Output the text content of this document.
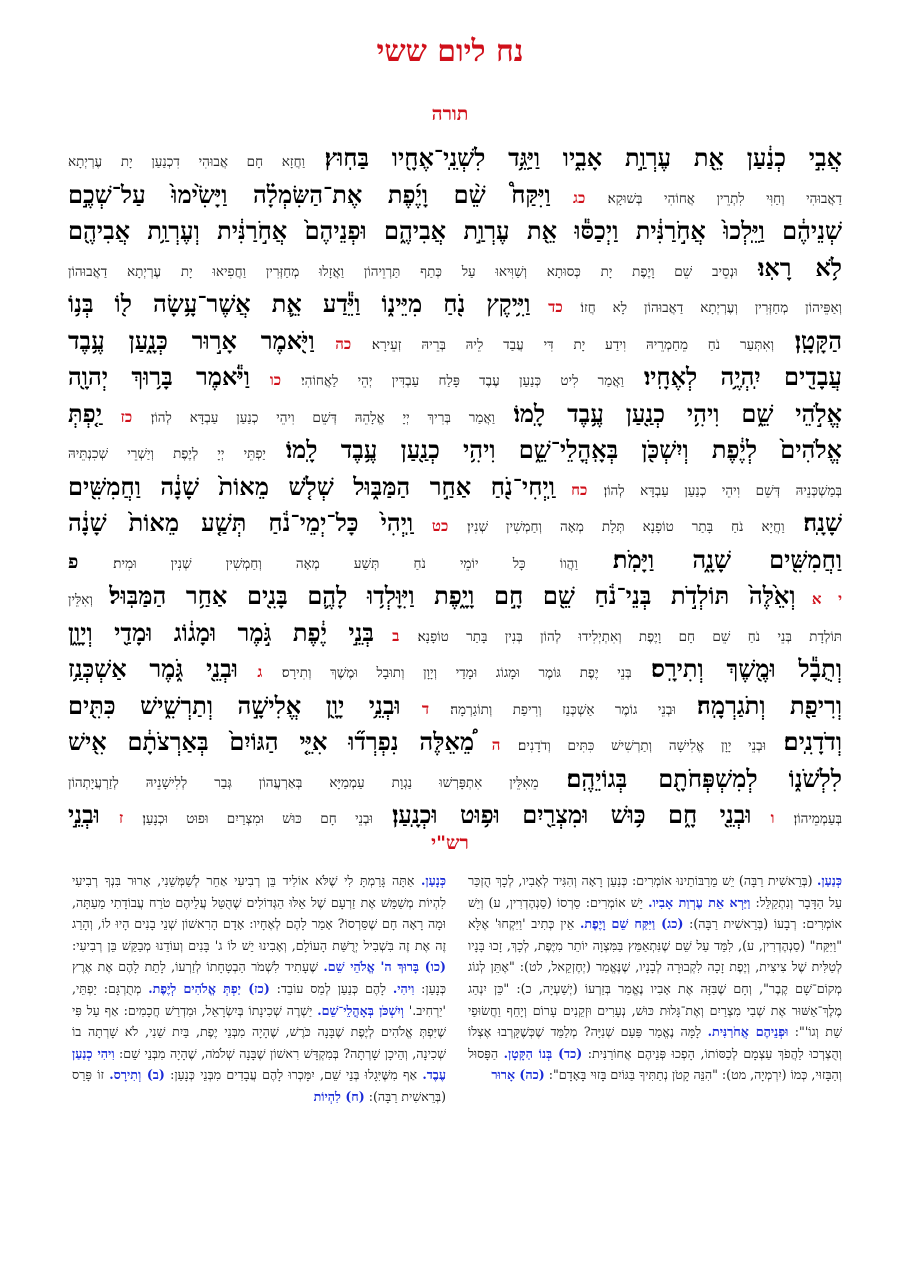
נח ליום ששי
תורה
אֲבִ֣י כְנַ֔עַן אֵ֖ת עֶרְוַ֣ת אָבִ֑יו וַיַּגֵּ֥ד לִשְׁנֵֽי־אֶחָ֖יו בַּחֽוּץ׃ וַחֲזָא חָם אֲבוּהִי דִכְנַעַן יָת עֶרְיְתָא
דַאֲבוּהִי וְחַוִּי לִתְרֵין אֲחוֹהִי בְּשׁוּקָא׃ כג וַיִּקַּח֩ שֵׁ֨ם וָיֶ֜פֶת אֶת־הַשִּׂמְלָ֗ה וַיָּשִׂ֙ימוּ֙ עַל־שְׁכֶ֣ם
שְׁנֵיהֶ֔ם וַיֵּֽלְכוּ֙ אֲחֹ֣רַנִּ֔ית וַיְכַסּ֕וּ אֵ֖ת עֶרְוַ֣ת אֲבִיהֶ֑ם וּפְנֵיהֶם֙ אֲחֹ֣רַנִּ֔ית וְעֶרְוַ֥ת אֲבִיהֶ֖ם
לֹ֥א רָאֽוּ׃ וּנְסֵיב שֵׁם וָיֶפֶת יָת כְּסוּתָא וְשַׁוִּיאוּ עַל כְּתַף תַּרְוֵיהוֹן וַאֲזָלוּ מְחַזְּרִין וַחֲפִיאוּ יָת עֶרְיְתָא דַאֲבוּהוֹן
וְאַפֵּיהוֹן מְחַזְּרִין וְעֶרְיְתָא דַאֲבוּהוֹן לָא חֲזוֹ׃ כד וַיִּ֥יקֶץ נֹ֖חַ מִיֵּינ֑וֹ וַיֵּ֕דַע אֵ֛ת אֲשֶׁר־עָ֥שָׂה ל֖וֹ בְּנ֥וֹ
הַקָּטָֽן׃ וְאִתְּעַר נֹחַ מֵחַמְרֵיהּ וִידַע יָת דִּי עֲבַד לֵיהּ בְּרֵיהּ זְעֵירָא׃ כה וַיֹּ֖אמֶר אָר֣וּר כְּנָ֑עַן עֶ֥בֶד
עֲבָדִ֖ים יִֽהְיֶ֥ה לְאֶחָֽיו׃ וַאֲמַר לִיט כְּנַעַן עֶבֶד פָּלַח עַבְדִּין יְהֵי לַאֲחוֹהִי׃ כו וַיֹּ֕אמֶר בָּר֥וּךְ יְהוָ֖ה
אֱלֹ֣הֵי שֵׁ֑ם וִיהִ֥י כְנַ֖עַן עֶ֥בֶד לָֽמוֹ׃ וַאֲמַר בְּרִיךְ יְיָ אֱלָהֵהּ דְּשֵׁם וִיהֵי כְנַעַן עַבְדָּא לְהוֹן׃ כז יַ֤פְתְּ
אֱלֹהִים֙ לְיֶ֔פֶת וְיִשְׁכֹּ֖ן בְּאָֽהֳלֵי־שֵׁ֑ם וִיהִ֥י כְנַ֖עַן עֶ֥בֶד לָֽמוֹ׃ יַפְתֵּי יְיָ לְיֶפֶת וְיַשְׁרֵי שְׁכִנְתֵּיהּ
בְּמַשְׁכְּנֵיהּ דְּשֵׁם וִיהֵי כְנַעַן עַבְדָּא לְהוֹן׃ כח וַֽיְחִי־נֹ֖חַ אַחַ֣ר הַמַּבּ֑וּל שְׁלֹ֤שׁ מֵאוֹת֙ שָׁנָ֔ה וַחֲמִשִּׁ֖ים
שָׁנָֽה׃ וַחֲיָא נֹחַ בָּתַר טוֹפָנָא תְּלָת מְאָה וְחַמְשִׁין שְׁנִין׃ כט וַֽיְהִי֙ כָּל־יְמֵי־נֹ֔חַ תְּשַׁ֤ע מֵאוֹת֙ שָׁנָ֔ה
וַחֲמִשִּׁ֖ים שָׁנָ֑ה וַיָּמֹֽת׃ וַהֲווֹ כָּל יוֹמֵי נֹחַ תְּשַׁע מְאָה וְחַמְשִׁין שְׁנִין וּמִית׃ פ
י א וְאֵ֙לֶּה֙ תּוֹלְדֹ֣ת בְּנֵי־נֹ֔חַ שֵׁ֖ם חָ֣ם וָיָ֑פֶת וַיִּוָּלְד֥וּ לָהֶ֛ם בָּנִ֖ים אַחַ֥ר הַמַּבּֽוּל׃ וְאִלֵּין
תּוֹלְדָת בְּנֵי נֹחַ שֵׁם חָם וָיֶפֶת וְאִתְיְלִידוּ לְהוֹן בְּנִין בָּתַר טוֹפָנָא׃ ב בְּנֵ֣י יֶ֔פֶת גֹּ֣מֶר וּמָג֔וֹג וּמָדַ֖י וְיָוָ֑ן
וְתֻבָ֕ל וּמֶ֖שֶׁךְ וְתִירָֽס׃ בְּנֵי יֶפֶת גּוֹמֶר וּמָגוֹג וּמָדַי וְיָוָן וְתוּבָל וּמֶשֶׁךְ וְתִירָס׃ ג וּבְנֵ֖י גֹּ֑מֶר אַשְׁכְּנַ֥ז
וְרִיפַ֖ת וְתֹגַרְמָֽה׃ וּבְנֵי גוֹמֶר אַשְׁכְּנַז וְרִיפַת וְתוֹגַרְמָה׃ ד וּבְנֵ֥י יָוָ֖ן אֱלִישָׁ֣ה וְתַרְשִׁ֑ישׁ כִּתִּ֖ים
וְדֹדָנִֽים׃ וּבְנֵי יָוָן אֱלִישָׁה וְתַרְשִׁישׁ כִּתִּים וְדֹדָנִים׃ ה מֵ֠אֵלֶּה נִפְרְד֞וּ אִיֵּ֤י הַגּוֹיִם֙ בְּאַרְצֹתָ֔ם אִ֖ישׁ
לִלְשֹׁנ֑וֹ לְמִשְׁפְּחֹתָ֖ם בְּגוֹיֵהֶֽם׃ מֵאִלֵּין אִתְפָּרְשׁוּ נַגְוָת עַמְמַיָּא בְּאַרְעֲהוֹן גְּבַר לְלִישָׁנֵיהּ לְזַרְעֲיָתְהוֹן
בְּעַמְמֵיהוֹן׃ ו וּבְנֵ֖י חָ֑ם כּ֥וּשׁ וּמִצְרַ֖יִם וּפ֥וּט וּכְנָֽעַן׃ וּבְנֵי חָם כּוּשׁ וּמִצְרַיִם וּפוּט וּכְנָעַן׃ ז וּבְנֵ֣י
רש"י
כְּנַעַן. (בְּרֵאשִׁית רַבָּה) יֵשׁ מֵרַבּוֹתֵינוּ אוֹמְרִים: כְּנַעַן רָאָה וְהִגִּיד לְאָבִיו, לְכָךְ הֻזְכַּר עַל הַדָּבָר וְנִתְקַלֵּל: וַיַּרְא אֵת עֶרְוַת אָבִיו. יֵשׁ אוֹמְרִים: סֵרְסוֹ (סַנְהֶדְרִין, ע) וְיֵשׁ אוֹמְרִים: רְבָעוֹ (בְּרֵאשִׁית רַבָּה): (כג) וַיִּקַּח שֵׁם וָיֶפֶת. אֵין כְּתִיב 'וַיִּקְחוּ' אֶלָּא "וַיִּקַּח" (סַנְהֶדְרִין, ע), לִמֵּד עַל שֵׁם שֶׁנִּתְאַמֵּץ בַּמִּצְוָה יוֹתֵר מִיֶּפֶת, לְכָךְ, זָכוּ בָּנָיו לְטַלִּית שֶׁל צִיצִית, וְיֶפֶת זָכָה לִקְבוּרָה לְבָנָיו, שֶׁנֶּאֱמַר (יְחֶזְקֵאל, לט): "אֶתֵּן לְגוֹג מְקוֹם־שָׁם קֶבֶר", וְחָם שֶׁבִּזָּה אֶת אָבִיו נֶאֱמַר בְּזַרְעוֹ (יְשַׁעְיָה, כ): "כֵּן יִנְהַג מֶלֶךְ־אַשּׁוּר אֶת שְׁבִי מִצְרַיִם וְאֶת־גָּלוּת כּוּשׁ, נְעָרִים וּזְקֵנִים עָרוֹם וְיָחֵף וַחֲשׂוּפַי שֵׁת וְגוֹ'": וּפְנֵיהֶם אֲחֹרַנִּית. לָמָּה נֶאֱמַר פַּעַם שְׁנִיָּה? מְלַמֵּד שֶׁכְּשֶׁקָּרְבוּ אֶצְלוֹ וְהֻצְרְכוּ לַהֲפֹךְ עַצְמָם לְכַסּוֹתוֹ, הָפְכוּ פְּנֵיהֶם אֲחוֹרַנִּית: (כד) בְּנוֹ הַקָּטָן. הַפָּסוּל וְהַבָּזוּי, כְּמוֹ (יִרְמְיָה, מט): "הִנֵּה קָטֹן נְתַתִּיךָ בַּגּוֹיִם בָּזוּי בָּאָדָם": (כה) אָרוּר
כְּנָעַן. אַתָּה גָּרַמְתָּ לִי שֶׁלֹּא אוֹלִיד בֵּן רְבִיעִי אַחֵר לְשַׁמְּשֵׁנִי, אָרוּר בִּנְךָ רְבִיעִי לִהְיוֹת מְשַׁמֵּשׁ אֶת זַרְעָם שֶׁל אֵלּוּ הַגְּדוֹלִים שֶׁהֻטַּל עֲלֵיהֶם טֹרַח עֲבוֹדָתִי מֵעַתָּה, וּמָה רָאָה חָם שֶׁסֵּרְסוֹ? אָמַר לָהֶם לְאֶחָיו: אָדָם הָרִאשׁוֹן שְׁנֵי בָנִים הָיוּ לוֹ, וְהָרַג זֶה אֶת זֶה בִּשְׁבִיל יְרֻשַּׁת הָעוֹלָם, וְאָבִינוּ יֵשׁ לוֹ ג' בָּנִים וְעוֹדֵנוּ מְבַקֵּשׁ בֵּן רְבִיעִי: (כו) בָּרוּךְ ה' אֱלֹהֵי שֵׁם. שֶׁעָתִיד לִשְׁמֹר הַבְטָחָתוֹ לְזַרְעוֹ, לָתֵת לָהֶם אֶת אֶרֶץ כְּנָעַן: וִיהִי. לָהֶם כְּנַעַן לְמַס עוֹבֵד: (כז) יַפְתְּ אֱלֹהִים לְיֶפֶת. מְתֻרְגָּם: יַפְתֵּי, 'יַרְחִיב.' וְיִשְׁכֹּן בְּאָהֳלֵי־שֵׁם. יַשְׁרֶה שְׁכִינָתוֹ בְּיִשְׂרָאֵל, וּמִדְרַשׁ חֲכָמִים: אַף עַל פִּי שֶׁיִּפְתְּ אֱלֹהִים לְיֶפֶת שֶׁבָּנָה כֹּרֶשׁ, שֶׁהָיָה מִבְּנֵי יֶפֶת, בַּיִת שֵׁנִי, לֹא שָׁרְתָה בוֹ שְׁכִינָה, וְהֵיכָן שָׁרְתָה? בְּמִקְדָּשׁ רִאשׁוֹן שֶׁבָּנָה שְׁלֹמֹה, שֶׁהָיָה מִבְּנֵי שֵׁם: וִיהִי כְנַעַן עֶבֶד. אַף מִשֶּׁיִּגָלוּ בְּנֵי שֵׁם, יִמָּכְרוּ לָהֶם עֲבָדִים מִבְּנֵי כְּנָעַן: (ב) וְתִירָס. זוֹ פָּרַס (בְּרֵאשִׁית רַבָּה): (ח) לִהְיוֹת
